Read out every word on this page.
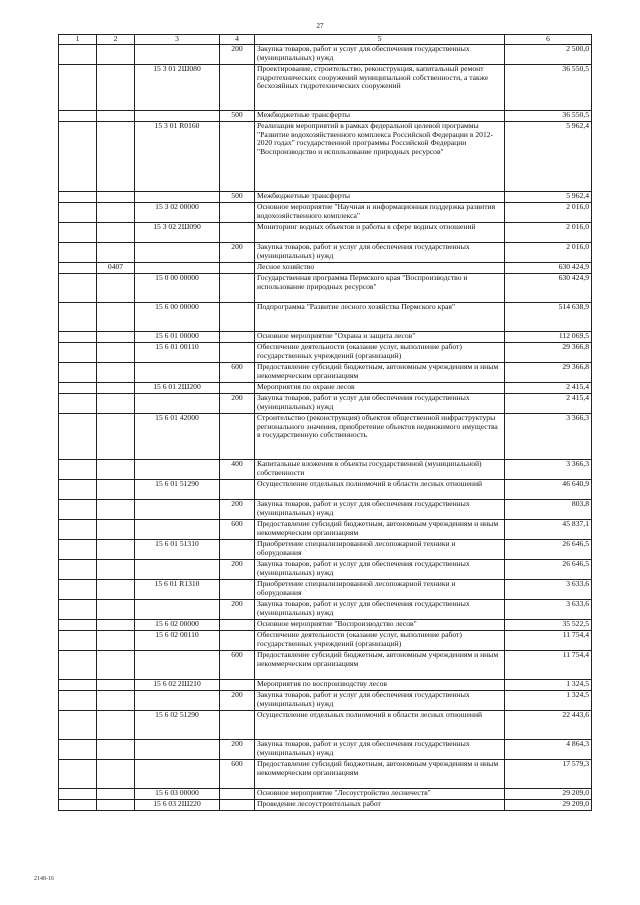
27
1	2	3	4	5	6
			200	Закупка товаров, работ и услуг для обеспечения государственных (муниципальных) нужд	2 500,0
		15 3 01 2Ш080		Проектирование, строительство, реконструкция, капитальный ремонт гидротехнических сооружений муниципальной собственности, а также бесхозяйных гидротехнических сооружений	36 550,5
			500	Межбюджетные трансферты	36 550,5
		15 3 01 R0160		Реализация мероприятий в рамках федеральной целевой программы "Развитие водохозяйственного комплекса Российской Федерации в 2012-2020 годах" государственной программы Российской Федерации "Воспроизводство и использование природных ресурсов"	5 962,4
			500	Межбюджетные трансферты	5 962,4
		15 3 02 00000		Основное мероприятие "Научная и информационная поддержка развития водохозяйственного комплекса"	2 016,0
		15 3 02 2Ш090		Мониторинг водных объектов и работы в сфере водных отношений	2 016,0
			200	Закупка товаров, работ и услуг для обеспечения государственных (муниципальных) нужд	2 016,0
	0407			Лесное хозяйство	630 424,9
		15 0 00 00000		Государственная программа Пермского края "Воспроизводство и использование природных ресурсов"	630 424,9
		15 6 00 00000		Подпрограмма "Развитие лесного хозяйства Пермского края"	514 638,9
		15 6 01 00000		Основное мероприятие "Охрана и защита лесов"	112 069,5
		15 6 01 00110		Обеспечение деятельности (оказание услуг, выполнение работ) государственных учреждений (организаций)	29 366,8
			600	Предоставление субсидий бюджетным, автономным учреждениям и иным некоммерческим организациям	29 366,8
		15 6 01 2Ш200		Мероприятия по охране лесов	2 415,4
			200	Закупка товаров, работ и услуг для обеспечения государственных (муниципальных) нужд	2 415,4
		15 6 01 42000		Строительство (реконструкция) объектов общественной инфраструктуры регионального значения, приобретение объектов недвижимого имущества в государственную собственность	3 366,3
			400	Капитальные вложения в объекты государственной (муниципальной) собственности	3 366,3
		15 6 01 51290		Осуществление отдельных полномочий в области лесных отношений	46 640,9
			200	Закупка товаров, работ и услуг для обеспечения государственных (муниципальных) нужд	803,8
			600	Предоставление субсидий бюджетным, автономным учреждениям и иным некоммерческим организациям	45 837,1
		15 6 01 51310		Приобретение специализированной лесопожарной техники и оборудования	26 646,5
			200	Закупка товаров, работ и услуг для обеспечения государственных (муниципальных) нужд	26 646,5
		15 6 01 R1310		Приобретение специализированной лесопожарной техники и оборудования	3 633,6
			200	Закупка товаров, работ и услуг для обеспечения государственных (муниципальных) нужд	3 633,6
		15 6 02 00000		Основное мероприятие "Воспроизводство лесов"	35 522,5
		15 6 02 00110		Обеспечение деятельности (оказание услуг, выполнение работ) государственных учреждений (организаций)	11 754,4
			600	Предоставление субсидий бюджетным, автономным учреждениям и иным некоммерческим организациям	11 754,4
		15 6 02 2Ш210		Мероприятия по воспроизводству лесов	1 324,5
			200	Закупка товаров, работ и услуг для обеспечения государственных (муниципальных) нужд	1 324,5
		15 6 02 51290		Осуществление отдельных полномочий в области лесных отношений	22 443,6
			200	Закупка товаров, работ и услуг для обеспечения государственных (муниципальных) нужд	4 864,3
			600	Предоставление субсидий бюджетным, автономным учреждениям и иным некоммерческим организациям	17 579,3
		15 6 03 00000		Основное мероприятие "Лесоустройство лесничеств"	29 209,0
		15 6 03 2Ш220		Проведение лесоустроительных работ	29 209,0
2148-16
